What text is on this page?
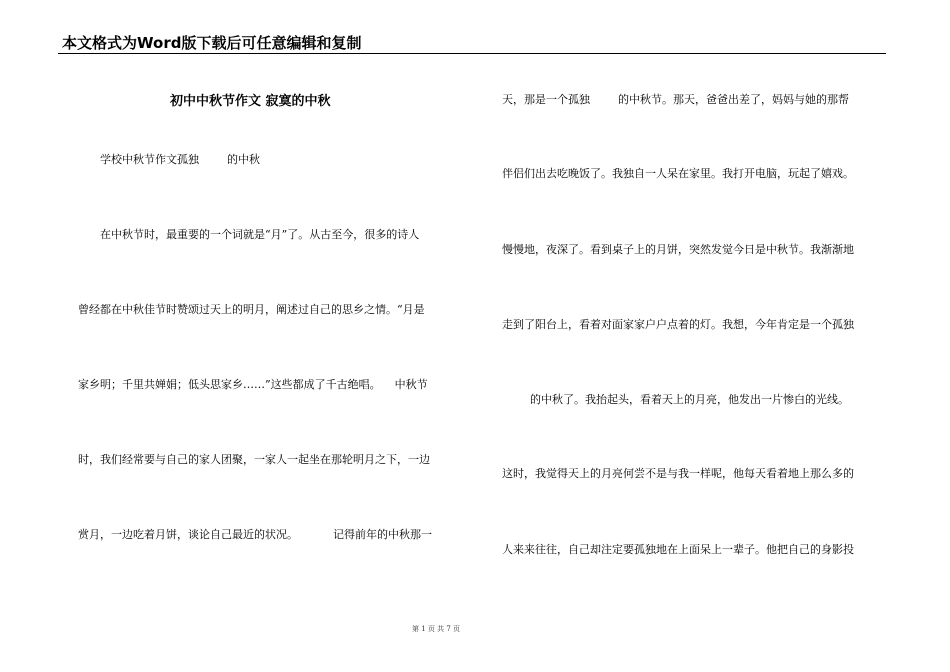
本文格式为Word版下载后可任意编辑和复制
初中中秋节作文 寂寞的中秋
学校中秋节作文孤独        的中秋
在中秋节时，最重要的一个词就是“月”了。从古至今，很多的诗人
曾经都在中秋佳节时赞颂过天上的明月，阐述过自己的思乡之情。“月是
家乡明；千里共婵娟；低头思家乡……”这些都成了千古绝唱。    中秋节
时，我们经常要与自己的家人团聚，一家人一起坐在那轮明月之下，一边
赏月，一边吃着月饼，谈论自己最近的状况。          记得前年的中秋那一
天，那是一个孤独        的中秋节。那天，爸爸出差了，妈妈与她的那帮
伴侣们出去吃晚饭了。我独自一人呆在家里。我打开电脑，玩起了嬉戏。
慢慢地，夜深了。看到桌子上的月饼，突然发觉今日是中秋节。我渐渐地
走到了阳台上，看着对面家家户户点着的灯。我想，今年肯定是一个孤独
的中秋了。我抬起头，看着天上的月亮，他发出一片惨白的光线。
这时，我觉得天上的月亮何尝不是与我一样呢，他每天看着地上那么多的
人来来往往，自己却注定要孤独地在上面呆上一辈子。他把自己的身影投
第 1 页 共 7 页
